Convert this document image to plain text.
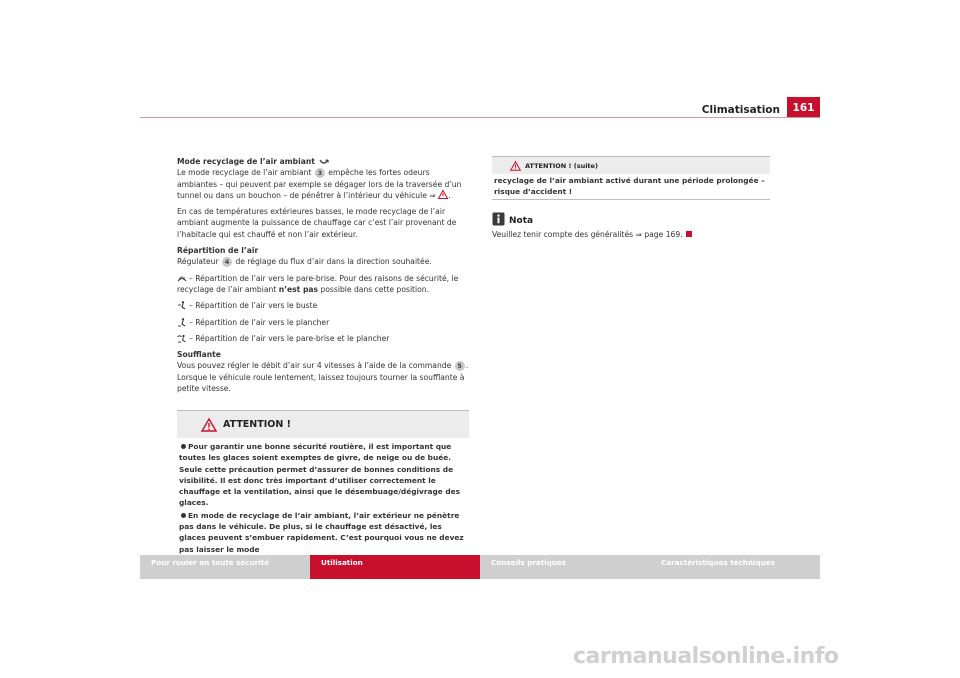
Climatisation	161

Mode recyclage de l’air ambiant

Le mode recyclage de l’air ambiant 3 empêche les fortes odeurs ambiantes – qui peuvent par exemple se dégager lors de la traversée d’un tunnel ou dans un bouchon – de pénêtrer à l’intérieur du véhicule ⇒ .

En cas de températures extérieures basses, le mode recyclage de l’air ambiant augmente la puissance de chauffage car c’est l’air provenant de l’habitacle qui est chauffé et non l’air extérieur.

Répartition de l’air

Régulateur 4 de réglage du flux d’air dans la direction souhaitée.

– Répartition de l’air vers le pare-brise. Pour des raisons de sécurité, le recyclage de l’air ambiant n’est pas possible dans cette position.

– Répartition de l’air vers le buste

– Répartition de l’air vers le plancher

– Répartition de l’air vers le pare-brise et le plancher

Soufflante

Vous pouvez régler le débit d’air sur 4 vitesses à l’aide de la commande 5 . Lorsque le véhicule roule lentement, laissez toujours tourner la soufflante à petite vitesse.

ATTENTION !

Pour garantir une bonne sécurité routière, il est important que toutes les glaces soient exemptes de givre, de neige ou de buée. Seule cette précaution permet d’assurer de bonnes conditions de visibilité. Il est donc très important d’utiliser correctement le chauffage et la ventilation, ainsi que le désembuage/dégivrage des glaces.

En mode de recyclage de l’air ambiant, l’air extérieur ne pénètre pas dans le véhicule. De plus, si le chauffage est désactivé, les glaces peuvent s’embuer rapidement. C’est pourquoi vous ne devez pas laisser le mode

ATTENTION ! (suite)
recyclage de l’air ambiant activé durant une période prolongée – risque d’accident !
Nota
Veuillez tenir compte des généralités ⇒ page 169.
Pour rouler en toute sécurité	Utilisation	Conseils pratiques	Caractéristiques techniques
carmanualsonline.info
